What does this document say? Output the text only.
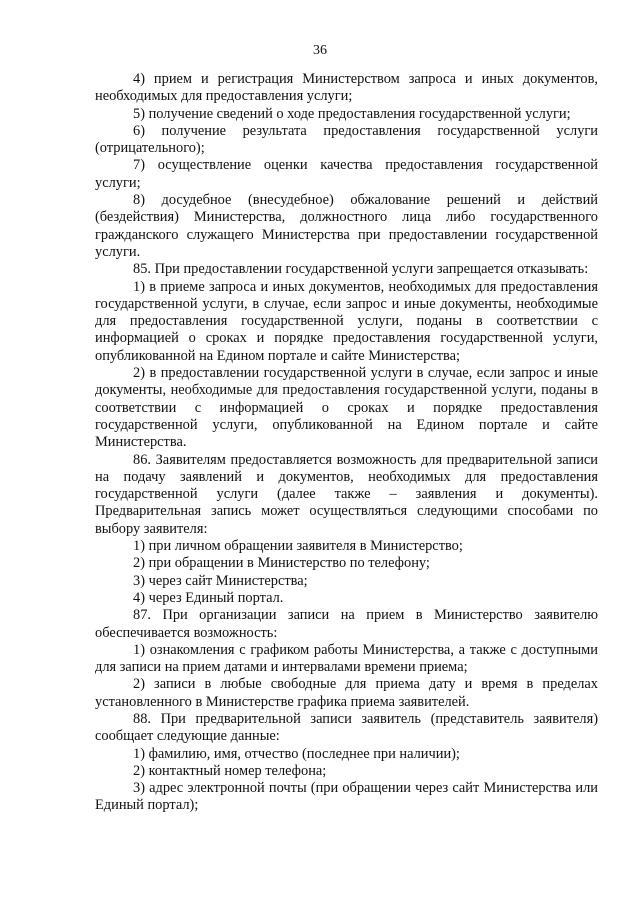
36

4) прием и регистрация Министерством запроса и иных документов, необходимых для предоставления услуги;

5) получение сведений о ходе предоставления государственной услуги;

6) получение результата предоставления государственной услуги (отрицательного);

7) осуществление оценки качества предоставления государственной услуги;

8) досудебное (внесудебное) обжалование решений и действий (бездействия) Министерства, должностного лица либо государственного гражданского служащего Министерства при предоставлении государственной услуги.

85. При предоставлении государственной услуги запрещается отказывать:

1) в приеме запроса и иных документов, необходимых для предоставления государственной услуги, в случае, если запрос и иные документы, необходимые для предоставления государственной услуги, поданы в соответствии с информацией о сроках и порядке предоставления государственной услуги, опубликованной на Едином портале и сайте Министерства;

2) в предоставлении государственной услуги в случае, если запрос и иные документы, необходимые для предоставления государственной услуги, поданы в соответствии с информацией о сроках и порядке предоставления государственной услуги, опубликованной на Едином портале и сайте Министерства.

86. Заявителям предоставляется возможность для предварительной записи на подачу заявлений и документов, необходимых для предоставления государственной услуги (далее также – заявления и документы). Предварительная запись может осуществляться следующими способами по выбору заявителя:

1) при личном обращении заявителя в Министерство;

2) при обращении в Министерство по телефону;

3) через сайт Министерства;

4) через Единый портал.

87. При организации записи на прием в Министерство заявителю обеспечивается возможность:

1) ознакомления с графиком работы Министерства, а также с доступными для записи на прием датами и интервалами времени приема;

2) записи в любые свободные для приема дату и время в пределах установленного в Министерстве графика приема заявителей.

88. При предварительной записи заявитель (представитель заявителя) сообщает следующие данные:

1) фамилию, имя, отчество (последнее при наличии);

2) контактный номер телефона;

3) адрес электронной почты (при обращении через сайт Министерства или Единый портал);
